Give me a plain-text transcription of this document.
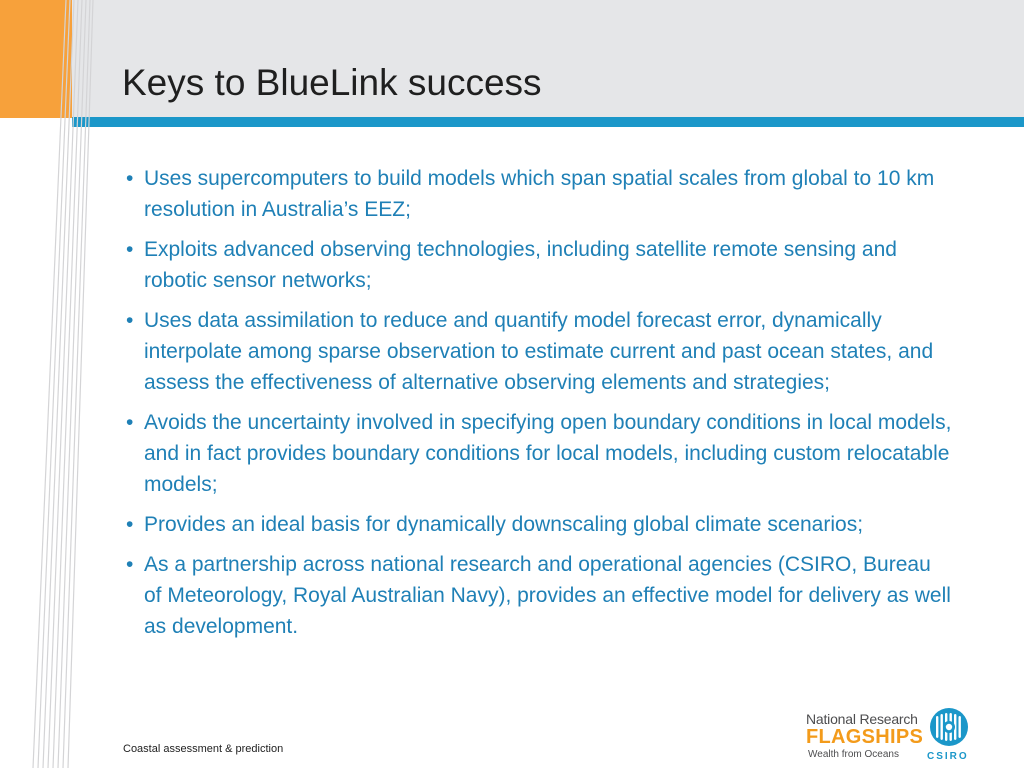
Keys to BlueLink success
• Uses supercomputers to build models which span spatial scales from global to 10 km resolution in Australia’s EEZ;
• Exploits advanced observing technologies, including satellite remote sensing and robotic sensor networks;
• Uses data assimilation to reduce and quantify model forecast error, dynamically interpolate among sparse observation to estimate current and past ocean states, and assess the effectiveness of alternative observing elements and strategies;
• Avoids the uncertainty involved in specifying open boundary conditions in local models, and in fact provides boundary conditions for local models, including custom relocatable models;
• Provides an ideal basis for dynamically downscaling global climate scenarios;
• As a partnership across national research and operational agencies (CSIRO, Bureau of Meteorology, Royal Australian Navy), provides an effective model for delivery as well as development.
Coastal assessment & prediction
National Research
FLAGSHIPS
Wealth from Oceans	CSIRO
